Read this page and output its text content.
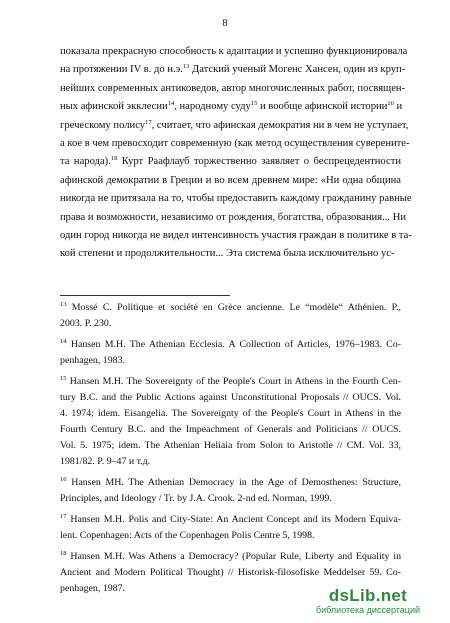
8
показала прекрасную способность к адаптации и успешно функционировала
на протяжении IV в. до н.э.$^{13}$ Датский ученый Могенс Хансен, один из круп-
нейших современных антиковедов, автор многочисленных работ, посвящен-
ных афинской экклесии$^{14}$, народному суду$^{15}$ и вообще афинской истории$^{16}$ и
греческому полису$^{17}$, считает, что афинская демократия ни в чем не уступает,
а кое в чем превосходит современную (как метод осуществления суверените-
та народа).$^{18}$ Курт Раафлауб торжественно заявляет о беспрецедентности
афинской демократии в Греции и во всем древнем мире: «Ни одна община
никогда не притязала на то, чтобы предоставить каждому гражданину равные
права и возможности, независимо от рождения, богатства, образования... Ни
один город никогда не видел интенсивность участия граждан в политике в та-
кой степени и продолжительности... Эта система была исключительно ус-
$^{13}$ Mossé C. Politique et société en Grèce ancienne. Le “modèle“ Athénien. P.,
2003. P. 230.
$^{14}$ Hansen M.H. The Athenian Ecclesia. A Collection of Articles, 1976–1983. Co-
penhagen, 1983.
$^{15}$ Hansen M.H. The Sovereignty of the People's Court in Athens in the Fourth Cen-
tury B.C. and the Public Actions against Unconstitutional Proposals // OUCS. Vol.
4. 1974; idem. Eisangelia. The Sovereignty of the People's Court in Athens in the
Fourth Century B.C. and the Impeachment of Generals and Politicians // OUCS.
Vol. 5. 1975; idem. The Athenian Heliaia from Solon to Aristotle // CM. Vol. 33,
1981/82. P. 9–47 и т.д.
$^{16}$ Hansen MH. The Athenian Democracy in the Age of Demosthenes: Structure,
Principles, and Ideology / Tr. by J.A. Crook. 2-nd ed. Norman, 1999.
$^{17}$ Hansen M.H. Polis and City-State: An Ancient Concept and its Modern Equiva-
lent. Copenhagen: Acts of the Copenhagen Polis Centre 5, 1998.
$^{18}$ Hansen M.H. Was Athens a Democracy? (Popular Rule, Liberty and Equality in
Ancient and Modern Political Thought) // Historisk-filosofiske Meddelser 59. Co-
penhagen, 1987.	dsLib.net
библиотека диссертаций
